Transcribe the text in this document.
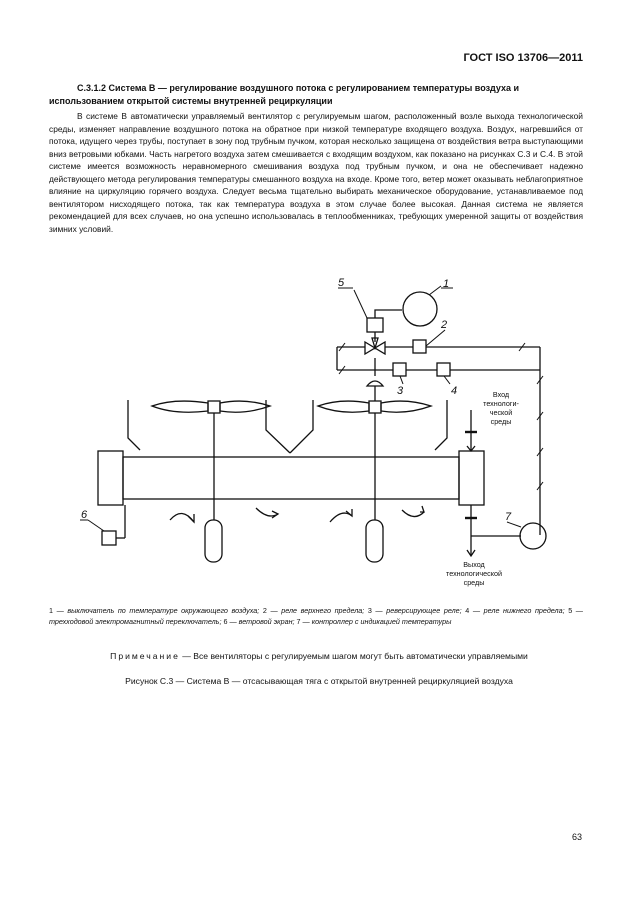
ГОСТ ISO 13706—2011
С.3.1.2 Система В — регулирование воздушного потока с регулированием температуры воздуха и использованием открытой системы внутренней рециркуляции
В системе В автоматически управляемый вентилятор с регулируемым шагом, расположенный возле выхода технологической среды, изменяет направление воздушного потока на обратное при низкой температуре входящего воздуха. Воздух, нагревшийся от потока, идущего через трубы, поступает в зону под трубным пучком, которая несколько защищена от воздействия ветра выступающими вниз ветровыми юбками. Часть нагретого воздуха затем смешивается с входящим воздухом, как показано на рисунках С.3 и С.4. В этой системе имеется возможность неравномерного смешивания воздуха под трубным пучком, и она не обеспечивает надежно действующего метода регулирования температуры смешанного воздуха на входе. Кроме того, ветер может оказывать неблагоприятное влияние на циркуляцию горячего воздуха. Следует весьма тщательно выбирать механическое оборудование, устанавливаемое под вентилятором нисходящего потока, так как температура воздуха в этом случае более высокая. Данная система не является рекомендацией для всех случаев, но она успешно использовалась в теплообменниках, требующих умеренной защиты от воздействия зимних условий.
1
2
3	4
5
6	7
Вход
технологи-
ческой
среды
Выход
технологической
среды
1 — выключатель по температуре окружающего воздуха; 2 — реле верхнего предела; 3 — реверсирующее реле; 4 — реле нижнего предела; 5 — трехходовой электромагнитный переключатель; 6 — ветровой экран; 7 — контроллер с индикацией температуры
Примечание — Все вентиляторы с регулируемым шагом могут быть автоматически управляемыми
Рисунок С.3 — Система В — отсасывающая тяга с открытой внутренней рециркуляцией воздуха
63
